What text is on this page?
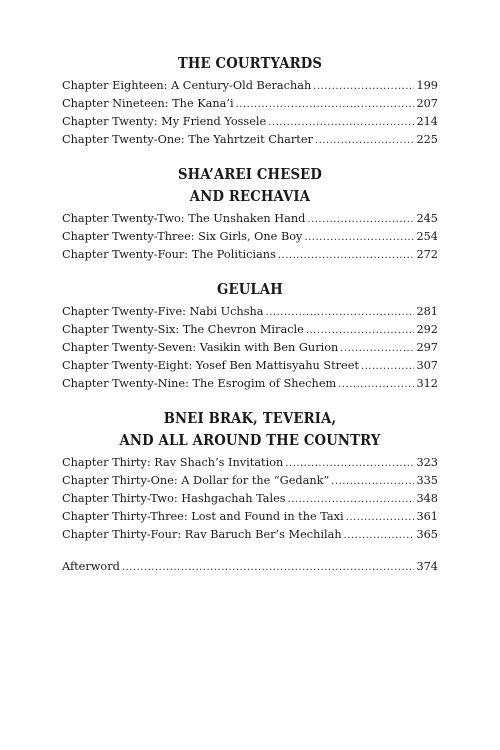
THE COURTYARDS
Chapter Eighteen: A Century-Old Berachah .....	199
Chapter Nineteen: The Kana’i .....	207
Chapter Twenty: My Friend Yossele .....	214
Chapter Twenty-One: The Yahrtzeit Charter .....	225
SHA’AREI CHESED
AND RECHAVIA
Chapter Twenty-Two: The Unshaken Hand .....	245
Chapter Twenty-Three: Six Girls, One Boy .....	254
Chapter Twenty-Four: The Politicians .....	272
GEULAH
Chapter Twenty-Five: Nabi Uchsha .....	281
Chapter Twenty-Six: The Chevron Miracle .....	292
Chapter Twenty-Seven: Vasikin with Ben Gurion .....	297
Chapter Twenty-Eight: Yosef Ben Mattisyahu Street .....	307
Chapter Twenty-Nine: The Esrogim of Shechem .....	312
BNEI BRAK, TEVERIA,
AND ALL AROUND THE COUNTRY
Chapter Thirty: Rav Shach’s Invitation .....	323
Chapter Thirty-One: A Dollar for the “Gedank” .....	335
Chapter Thirty-Two: Hashgachah Tales .....	348
Chapter Thirty-Three: Lost and Found in the Taxi .....	361
Chapter Thirty-Four: Rav Baruch Ber’s Mechilah .....	365
Afterword .....	374
